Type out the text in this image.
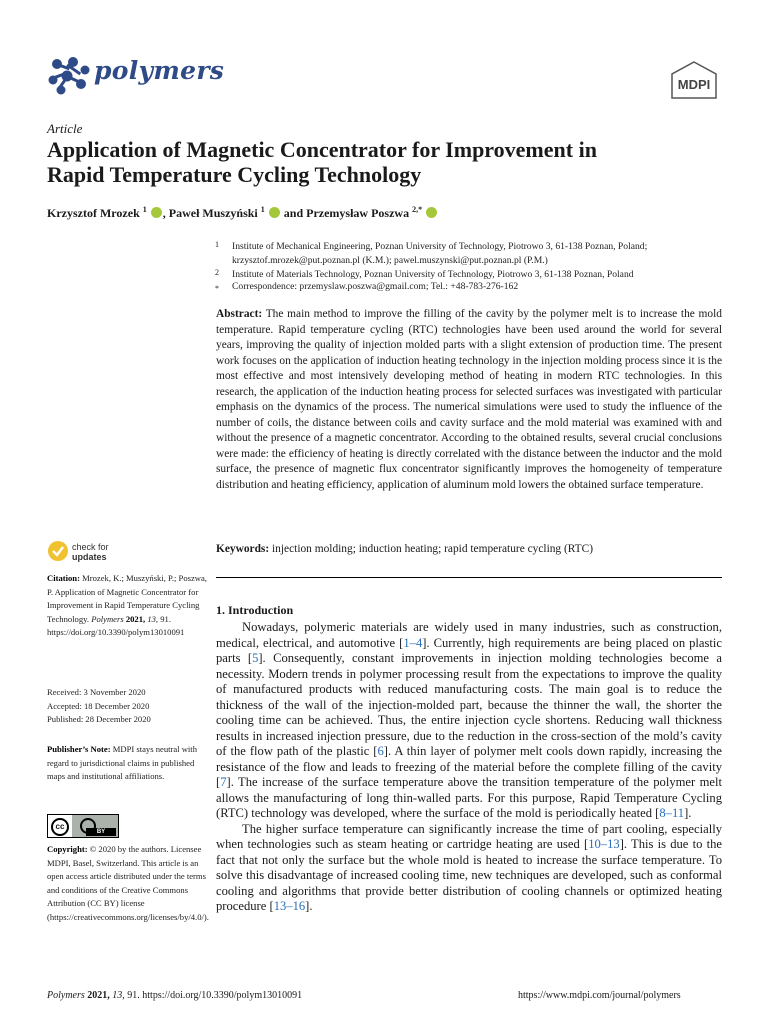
polymers	MDPI
Article
Application of Magnetic Concentrator for Improvement in
Rapid Temperature Cycling Technology
Krzysztof Mrozek $^1$ , Paweł Muszyński $^1$ and Przemysław Poszwa $^{2,*}$
1 Institute of Mechanical Engineering, Poznan University of Technology, Piotrowo 3, 61-138 Poznan, Poland;
krzysztof.mrozek@put.poznan.pl (K.M.); pawel.muszynski@put.poznan.pl (P.M.)
2 Institute of Materials Technology, Poznan University of Technology, Piotrowo 3, 61-138 Poznan, Poland
* Correspondence: przemyslaw.poszwa@gmail.com; Tel.: +48-783-276-162
Abstract: The main method to improve the filling of the cavity by the polymer melt is to increase the mold temperature. Rapid temperature cycling (RTC) technologies have been used around the world for several years, improving the quality of injection molded parts with a slight extension of production time. The present work focuses on the application of induction heating technology in the injection molding process since it is the most effective and most intensively developing method of heating in modern RTC technologies. In this research, the application of the induction heating process for selected surfaces was investigated with particular emphasis on the dynamics of the process. The numerical simulations were used to study the influence of the number of coils, the distance between coils and cavity surface and the mold material was examined with and without the presence of a magnetic concentrator. According to the obtained results, several crucial conclusions were made: the efficiency of heating is directly correlated with the distance between the inductor and the mold surface, the presence of magnetic flux concentrator significantly improves the homogeneity of temperature distribution and heating efficiency, application of aluminum mold lowers the obtained surface temperature.
Keywords: injection molding; induction heating; rapid temperature cycling (RTC)
check for
updates
Citation: Mrozek, K.; Muszyński, P.; Poszwa, P. Application of Magnetic Concentrator for Improvement in Rapid Temperature Cycling Technology. Polymers 2021, 13, 91. https://doi.org/10.3390/polym13010091
Received: 3 November 2020
Accepted: 18 December 2020
Published: 28 December 2020
Publisher’s Note: MDPI stays neutral with regard to jurisdictional claims in published maps and institutional affiliations.
cc
BY
Copyright: © 2020 by the authors. Licensee MDPI, Basel, Switzerland. This article is an open access article distributed under the terms and conditions of the Creative Commons Attribution (CC BY) license (https://creativecommons.org/licenses/by/4.0/).
1. Introduction

Nowadays, polymeric materials are widely used in many industries, such as construction, medical, electrical, and automotive [1–4]. Currently, high requirements are being placed on plastic parts [5]. Consequently, constant improvements in injection molding technologies become a necessity. Modern trends in polymer processing result from the expectations to improve the quality of manufactured products with reduced manufacturing costs. The main goal is to reduce the thickness of the wall of the injection-molded part, because the thinner the wall, the shorter the cooling time can be achieved. Thus, the entire injection cycle shortens. Reducing wall thickness results in increased injection pressure, due to the reduction in the cross-section of the mold’s cavity of the flow path of the plastic [6]. A thin layer of polymer melt cools down rapidly, increasing the resistance of the flow and leads to freezing of the material before the complete filling of the cavity [7]. The increase of the surface temperature above the transition temperature of the polymer melt allows the manufacturing of long thin-walled parts. For this purpose, Rapid Temperature Cycling (RTC) technology was developed, where the surface of the mold is periodically heated [8–11].

The higher surface temperature can significantly increase the time of part cooling, especially when technologies such as steam heating or cartridge heating are used [10–13]. This is due to the fact that not only the surface but the whole mold is heated to increase the surface temperature. To solve this disadvantage of increased cooling time, new techniques are developed, such as conformal cooling and algorithms that provide better distribution of cooling channels or optimized heating procedure [13–16].

Polymers 2021, 13, 91. https://doi.org/10.3390/polym13010091	https://www.mdpi.com/journal/polymers
